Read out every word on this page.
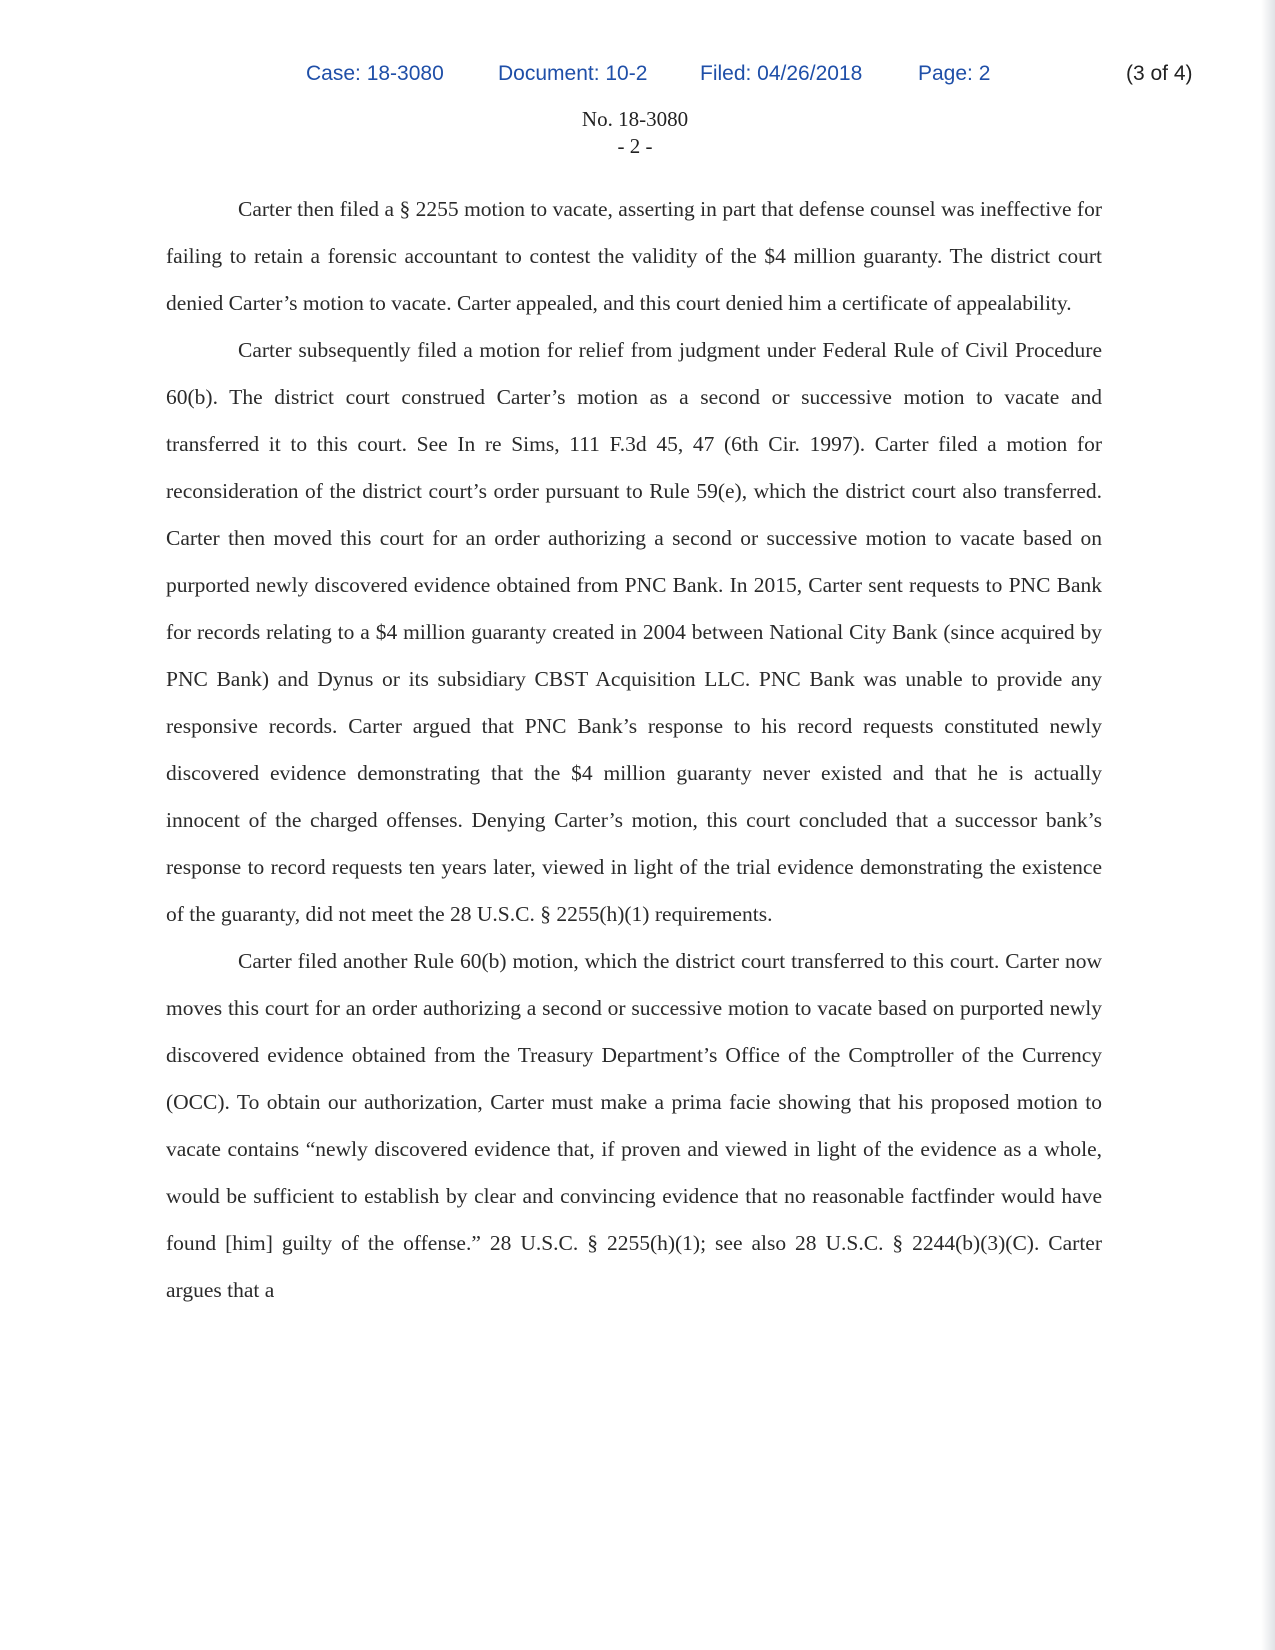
Case: 18-3080	Document: 10-2	Filed: 04/26/2018	Page: 2	(3 of 4)
No. 18-3080
- 2 -

Carter then filed a § 2255 motion to vacate, asserting in part that defense counsel was ineffective for failing to retain a forensic accountant to contest the validity of the $4 million guaranty. The district court denied Carter’s motion to vacate. Carter appealed, and this court denied him a certificate of appealability.

Carter subsequently filed a motion for relief from judgment under Federal Rule of Civil Procedure 60(b). The district court construed Carter’s motion as a second or successive motion to vacate and transferred it to this court. See In re Sims, 111 F.3d 45, 47 (6th Cir. 1997). Carter filed a motion for reconsideration of the district court’s order pursuant to Rule 59(e), which the district court also transferred. Carter then moved this court for an order authorizing a second or successive motion to vacate based on purported newly discovered evidence obtained from PNC Bank. In 2015, Carter sent requests to PNC Bank for records relating to a $4 million guaranty created in 2004 between National City Bank (since acquired by PNC Bank) and Dynus or its subsidiary CBST Acquisition LLC. PNC Bank was unable to provide any responsive records. Carter argued that PNC Bank’s response to his record requests constituted newly discovered evidence demonstrating that the $4 million guaranty never existed and that he is actually innocent of the charged offenses. Denying Carter’s motion, this court concluded that a successor bank’s response to record requests ten years later, viewed in light of the trial evidence demonstrating the existence of the guaranty, did not meet the 28 U.S.C. § 2255(h)(1) requirements.

Carter filed another Rule 60(b) motion, which the district court transferred to this court. Carter now moves this court for an order authorizing a second or successive motion to vacate based on purported newly discovered evidence obtained from the Treasury Department’s Office of the Comptroller of the Currency (OCC). To obtain our authorization, Carter must make a prima facie showing that his proposed motion to vacate contains “newly discovered evidence that, if proven and viewed in light of the evidence as a whole, would be sufficient to establish by clear and convincing evidence that no reasonable factfinder would have found [him] guilty of the offense.” 28 U.S.C. § 2255(h)(1); see also 28 U.S.C. § 2244(b)(3)(C). Carter argues that a
